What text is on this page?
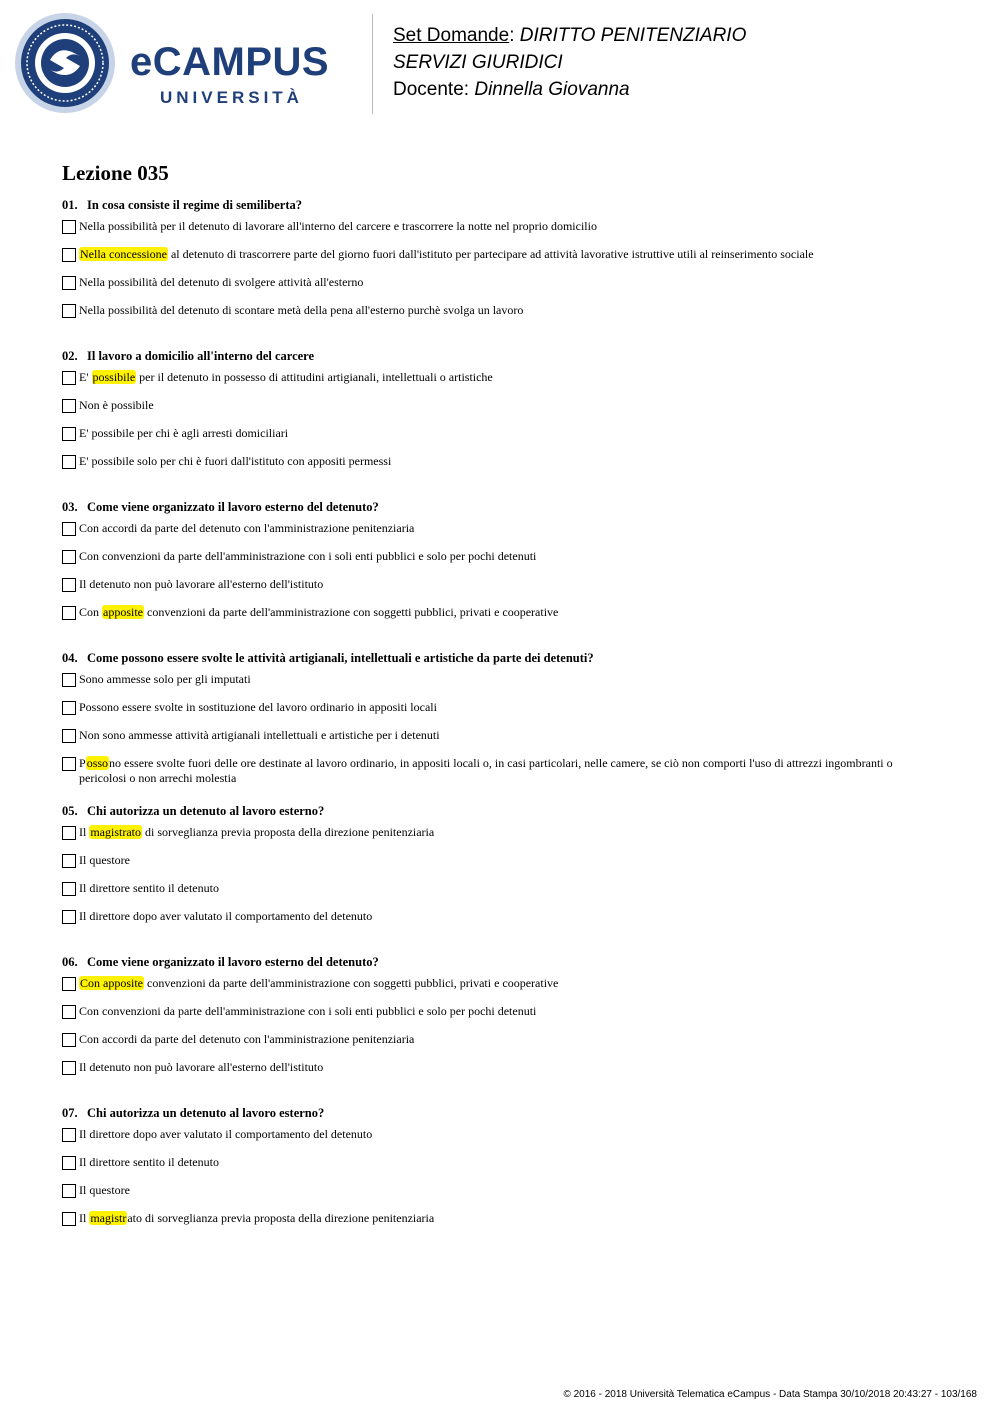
eCAMPUS
UNIVERSITÀ
Set Domande: DIRITTO PENITENZIARIO
SERVIZI GIURIDICI
Docente: Dinnella Giovanna
Lezione 035
01. In cosa consiste il regime di semiliberta?
Nella possibilità per il detenuto di lavorare all'interno del carcere e trascorrere la notte nel proprio domicilio
Nella concessione al detenuto di trascorrere parte del giorno fuori dall'istituto per partecipare ad attività lavorative istruttive utili al reinserimento sociale
Nella possibilità del detenuto di svolgere attività all'esterno
Nella possibilità del detenuto di scontare metà della pena all'esterno purchè svolga un lavoro
02. Il lavoro a domicilio all'interno del carcere
E' possibile per il detenuto in possesso di attitudini artigianali, intellettuali o artistiche
Non è possibile
E' possibile per chi è agli arresti domiciliari
E' possibile solo per chi è fuori dall'istituto con appositi permessi
03. Come viene organizzato il lavoro esterno del detenuto?
Con accordi da parte del detenuto con l'amministrazione penitenziaria
Con convenzioni da parte dell'amministrazione con i soli enti pubblici e solo per pochi detenuti
Il detenuto non può lavorare all'esterno dell'istituto
Con apposite convenzioni da parte dell'amministrazione con soggetti pubblici, privati e cooperative
04. Come possono essere svolte le attività artigianali, intellettuali e artistiche da parte dei detenuti?
Sono ammesse solo per gli imputati
Possono essere svolte in sostituzione del lavoro ordinario in appositi locali
Non sono ammesse attività artigianali intellettuali e artistiche per i detenuti
Possono essere svolte fuori delle ore destinate al lavoro ordinario, in appositi locali o, in casi particolari, nelle camere, se ciò non comporti l'uso di attrezzi ingombranti o pericolosi o non arrechi molestia
05. Chi autorizza un detenuto al lavoro esterno?
Il magistrato di sorveglianza previa proposta della direzione penitenziaria
Il questore
Il direttore sentito il detenuto
Il direttore dopo aver valutato il comportamento del detenuto
06. Come viene organizzato il lavoro esterno del detenuto?
Con apposite convenzioni da parte dell'amministrazione con soggetti pubblici, privati e cooperative
Con convenzioni da parte dell'amministrazione con i soli enti pubblici e solo per pochi detenuti
Con accordi da parte del detenuto con l'amministrazione penitenziaria
Il detenuto non può lavorare all'esterno dell'istituto
07. Chi autorizza un detenuto al lavoro esterno?
Il direttore dopo aver valutato il comportamento del detenuto
Il direttore sentito il detenuto
Il questore
Il magistrato di sorveglianza previa proposta della direzione penitenziaria
© 2016 - 2018 Università Telematica eCampus - Data Stampa 30/10/2018 20:43:27 - 103/168
